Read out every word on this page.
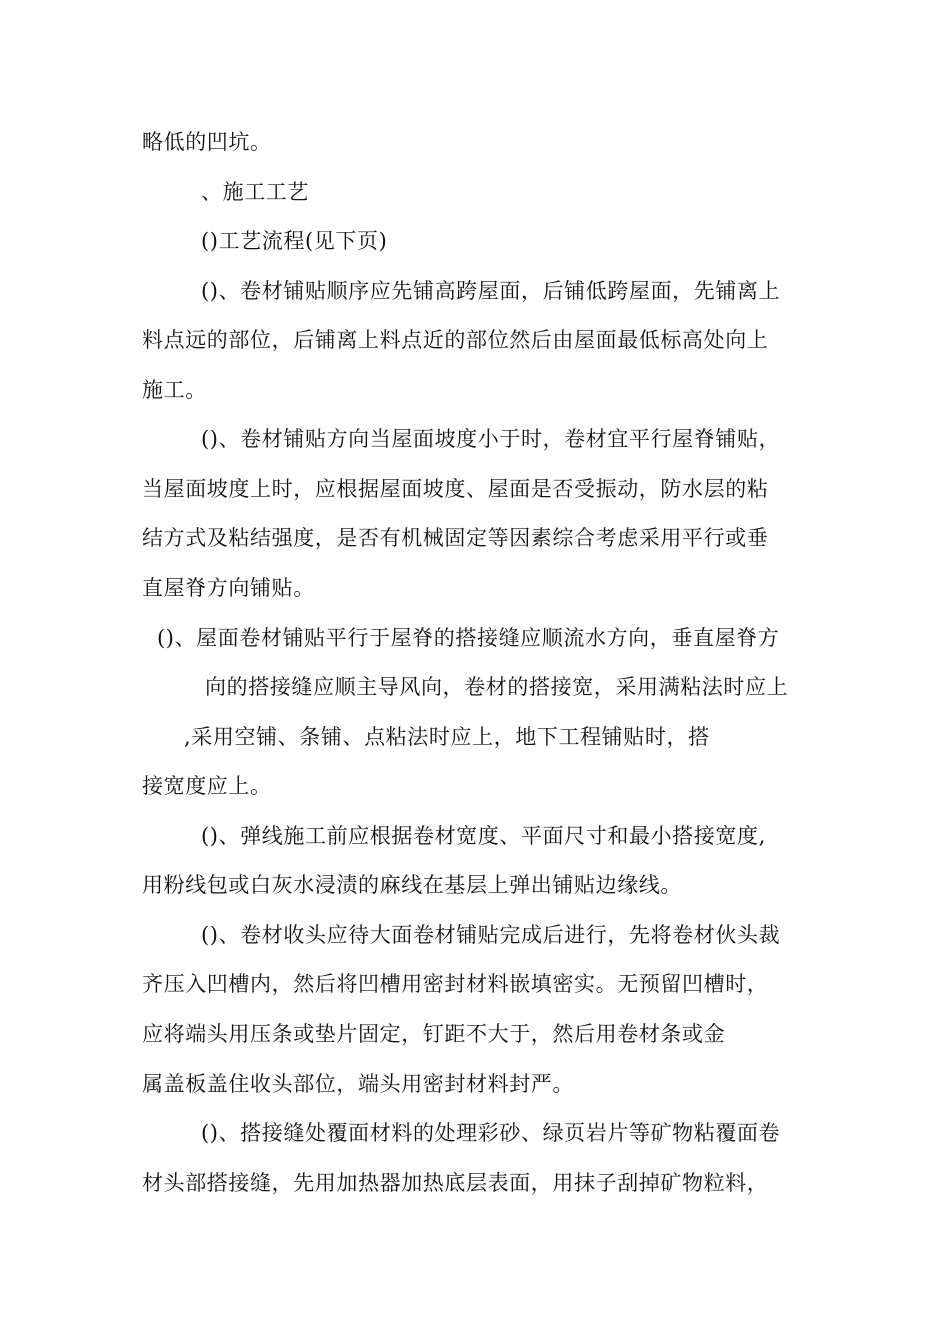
略低的凹坑。
、施工工艺
()工艺流程(见下页)
()、卷材铺贴顺序应先铺高跨屋面，后铺低跨屋面，先铺离上
料点远的部位，后铺离上料点近的部位然后由屋面最低标高处向上
施工。
()、卷材铺贴方向当屋面坡度小于时，卷材宜平行屋脊铺贴，
当屋面坡度上时，应根据屋面坡度、屋面是否受振动，防水层的粘
结方式及粘结强度，是否有机械固定等因素综合考虑采用平行或垂
直屋脊方向铺贴。
()、屋面卷材铺贴平行于屋脊的搭接缝应顺流水方向，垂直屋脊方
向的搭接缝应顺主导风向，卷材的搭接宽，采用满粘法时应上
,采用空铺、条铺、点粘法时应上，地下工程铺贴时，搭
接宽度应上。
()、弹线施工前应根据卷材宽度、平面尺寸和最小搭接宽度,
用粉线包或白灰水浸渍的麻线在基层上弹出铺贴边缘线。
()、卷材收头应待大面卷材铺贴完成后进行，先将卷材伙头裁
齐压入凹槽内，然后将凹槽用密封材料嵌填密实。无预留凹槽时，
应将端头用压条或垫片固定，钉距不大于，然后用卷材条或金
属盖板盖住收头部位，端头用密封材料封严。
()、搭接缝处覆面材料的处理彩砂、绿页岩片等矿物粘覆面卷
材头部搭接缝，先用加热器加热底层表面，用抹子刮掉矿物粒料，
